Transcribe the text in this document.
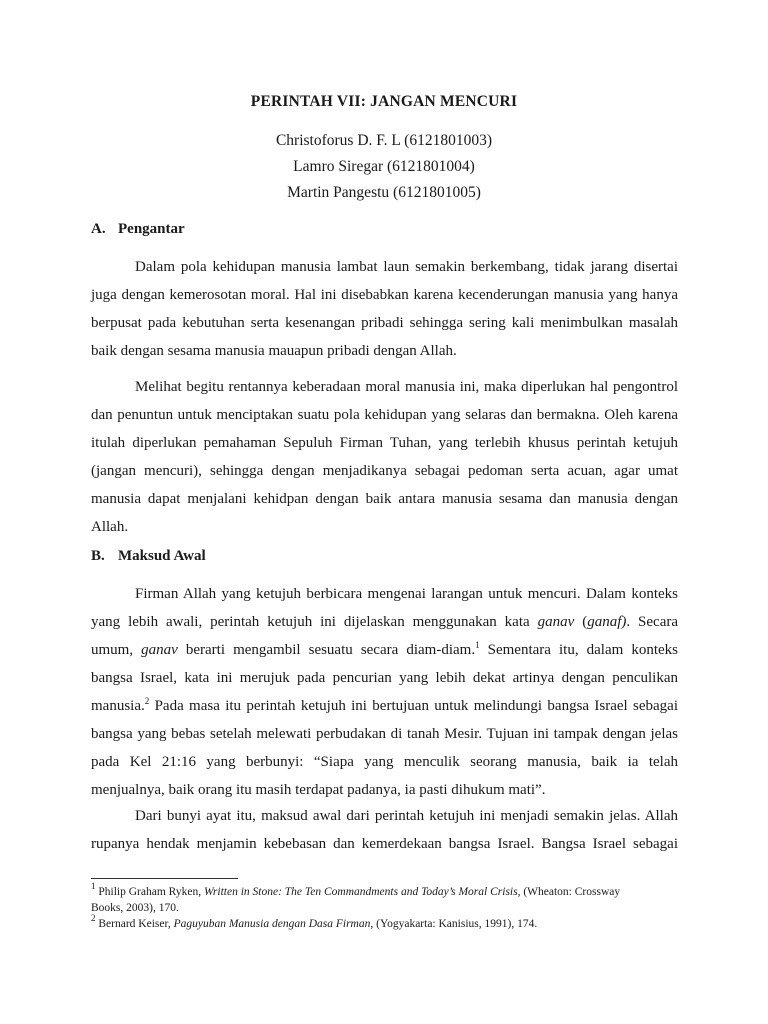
PERINTAH VII: JANGAN MENCURI
Christoforus D. F. L (6121801003)
Lamro Siregar (6121801004)
Martin Pangestu (6121801005)
A. Pengantar
Dalam pola kehidupan manusia lambat laun semakin berkembang, tidak jarang disertai
juga dengan kemerosotan moral. Hal ini disebabkan karena kecenderungan manusia yang hanya
berpusat pada kebutuhan serta kesenangan pribadi sehingga sering kali menimbulkan masalah
baik dengan sesama manusia mauapun pribadi dengan Allah.
Melihat begitu rentannya keberadaan moral manusia ini, maka diperlukan hal pengontrol
dan penuntun untuk menciptakan suatu pola kehidupan yang selaras dan bermakna. Oleh karena
itulah diperlukan pemahaman Sepuluh Firman Tuhan, yang terlebih khusus perintah ketujuh
(jangan mencuri), sehingga dengan menjadikanya sebagai pedoman serta acuan, agar umat
manusia dapat menjalani kehidpan dengan baik antara manusia sesama dan manusia dengan
Allah.
B. Maksud Awal
Firman Allah yang ketujuh berbicara mengenai larangan untuk mencuri. Dalam konteks
yang lebih awali, perintah ketujuh ini dijelaskan menggunakan kata ganav (ganaf). Secara
umum, ganav berarti mengambil sesuatu secara diam-diam.$^1$ Sementara itu, dalam konteks
bangsa Israel, kata ini merujuk pada pencurian yang lebih dekat artinya dengan penculikan
manusia.$^2$ Pada masa itu perintah ketujuh ini bertujuan untuk melindungi bangsa Israel sebagai
bangsa yang bebas setelah melewati perbudakan di tanah Mesir. Tujuan ini tampak dengan jelas
pada Kel 21:16 yang berbunyi: “Siapa yang menculik seorang manusia, baik ia telah
menjualnya, baik orang itu masih terdapat padanya, ia pasti dihukum mati”.
Dari bunyi ayat itu, maksud awal dari perintah ketujuh ini menjadi semakin jelas. Allah
rupanya hendak menjamin kebebasan dan kemerdekaan bangsa Israel. Bangsa Israel sebagai
$^1$ Philip Graham Ryken, Written in Stone: The Ten Commandments and Today’s Moral Crisis, (Wheaton: Crossway
Books, 2003), 170.
$^2$ Bernard Keiser, Paguyuban Manusia dengan Dasa Firman, (Yogyakarta: Kanisius, 1991), 174.
